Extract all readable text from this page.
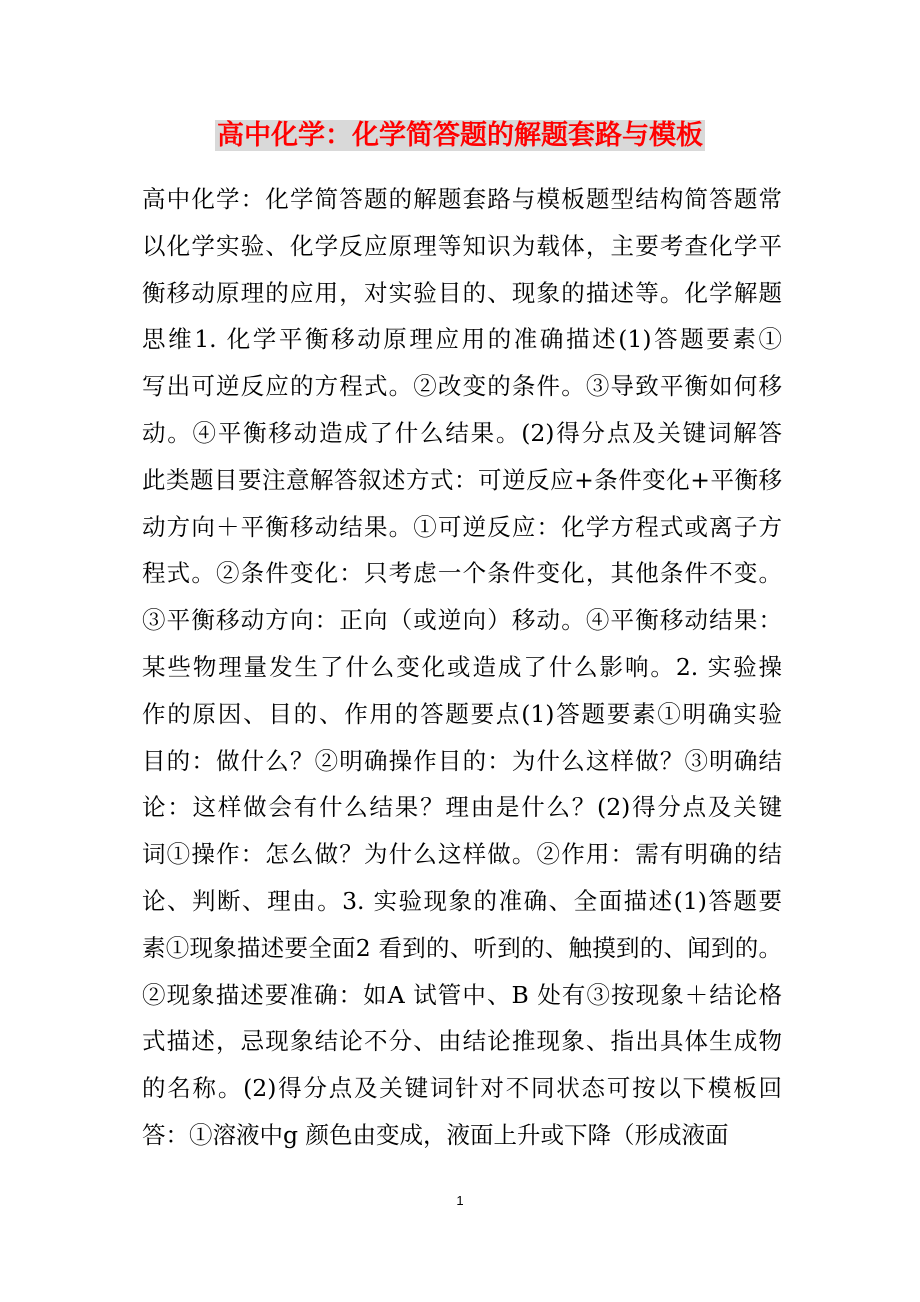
高中化学：化学简答题的解题套路与模板
高中化学：化学简答题的解题套路与模板题型结构简答题常
以化学实验、化学反应原理等知识为载体，主要考查化学平
衡移动原理的应用，对实验目的、现象的描述等。化学解题
思维1. 化学平衡移动原理应用的准确描述(1)答题要素①
写出可逆反应的方程式。②改变的条件。③导致平衡如何移
动。④平衡移动造成了什么结果。(2)得分点及关键词解答
此类题目要注意解答叙述方式：可逆反应+条件变化+平衡移
动方向＋平衡移动结果。①可逆反应：化学方程式或离子方
程式。②条件变化：只考虑一个条件变化，其他条件不变。
③平衡移动方向：正向（或逆向）移动。④平衡移动结果：
某些物理量发生了什么变化或造成了什么影响。2. 实验操
作的原因、目的、作用的答题要点(1)答题要素①明确实验
目的：做什么？②明确操作目的：为什么这样做？③明确结
论：这样做会有什么结果？理由是什么？(2)得分点及关键
词①操作：怎么做？为什么这样做。②作用：需有明确的结
论、判断、理由。3. 实验现象的准确、全面描述(1)答题要
素①现象描述要全面2 看到的、听到的、触摸到的、闻到的。
②现象描述要准确：如A 试管中、B 处有③按现象＋结论格
式描述，忌现象结论不分、由结论推现象、指出具体生成物
的名称。(2)得分点及关键词针对不同状态可按以下模板回
答：①溶液中g 颜色由变成，液面上升或下降（形成液面
1
